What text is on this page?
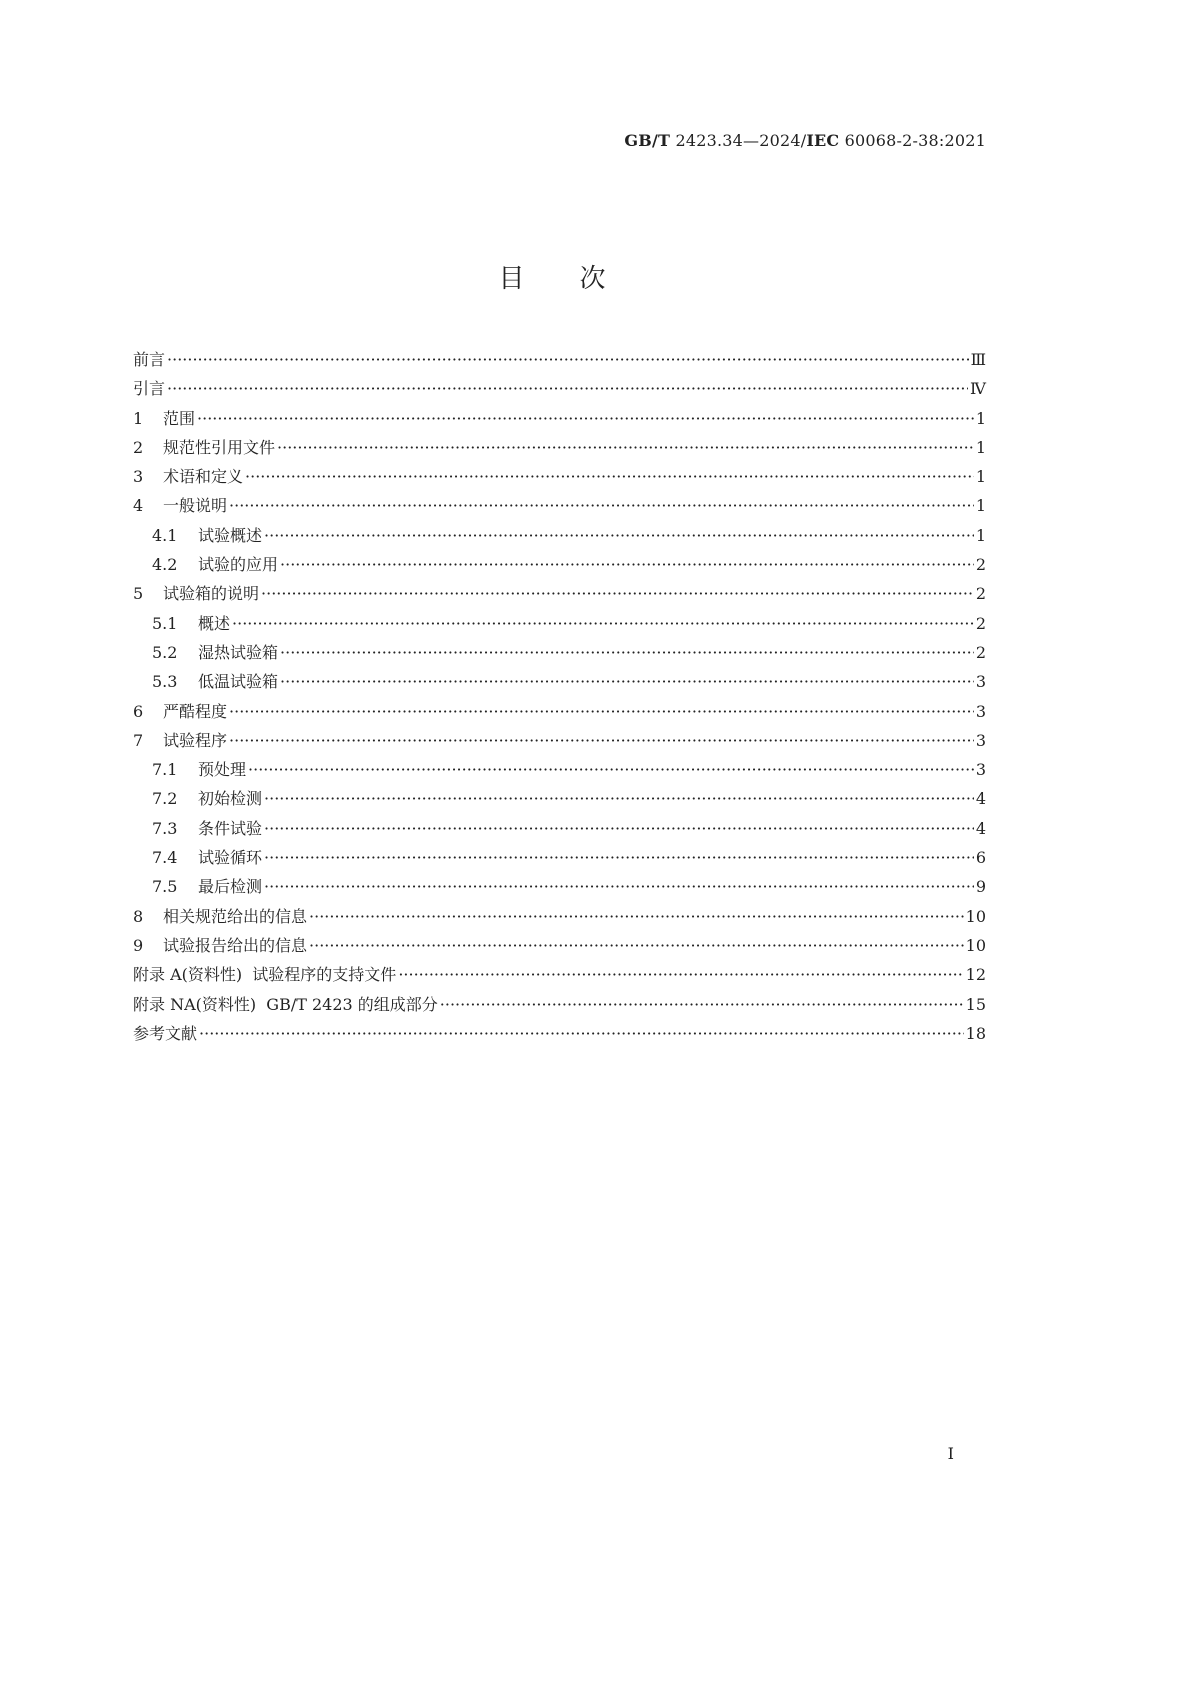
GB/T 2423.34—2024/IEC 60068-2-38:2021
目次
前言 ·····	Ⅲ
引言 ·····	Ⅳ
1	范围 ·····	1
2	规范性引用文件 ·····	1
3	术语和定义 ·····	1
4	一般说明 ·····	1
4.1	试验概述 ·····	1
4.2	试验的应用 ·····	2
5	试验箱的说明 ·····	2
5.1	概述 ·····	2
5.2	湿热试验箱 ·····	2
5.3	低温试验箱 ·····	3
6	严酷程度 ·····	3
7	试验程序 ·····	3
7.1	预处理 ·····	3
7.2	初始检测 ·····	4
7.3	条件试验 ·····	4
7.4	试验循环 ·····	6
7.5	最后检测 ·····	9
8	相关规范给出的信息 ·····	10
9	试验报告给出的信息 ·····	10
附录 A(资料性)  试验程序的支持文件 ·····	12
附录 NA(资料性)  GB/T 2423 的组成部分 ·····	15
参考文献 ·····	18
I
